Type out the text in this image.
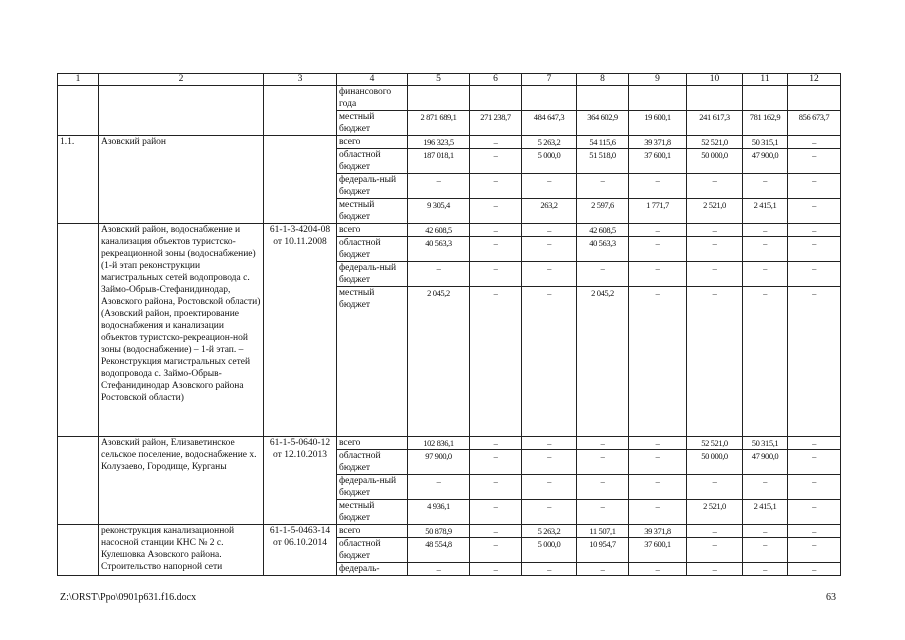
1	2	3	4	5	6	7	8	9	10	11	12
			финансового года								
			местный бюджет	2 871 689,1	271 238,7	484 647,3	364 602,9	19 600,1	241 617,3	781 162,9	856 673,7
1.1.	Азовский район		всего	196 323,5	–	5 263,2	54 115,6	39 371,8	52 521,0	50 315,1	–
			областной бюджет	187 018,1	–	5 000,0	51 518,0	37 600,1	50 000,0	47 900,0	–
			федераль-ный бюджет	–	–	–	–	–	–	–	–
			местный бюджет	9 305,4	–	263,2	2 597,6	1 771,7	2 521,0	2 415,1	–
	Азовский район, водоснабжение и канализация объектов туристско-рекреационной зоны (водоснабжение) (1-й этап реконструкции магистральных сетей водопровода с. Займо-Обрыв-Стефанидинодар, Азовского района, Ростовской области) (Азовский район, проектирование водоснабжения и канализации объектов туристско-рекреацион-ной зоны (водоснабжение) – 1-й этап. – Реконструкция магистральных сетей водопровода с. Займо-Обрыв-Стефанидинодар Азовского района Ростовской области)	61-1-3-4204-08 от 10.11.2008	всего	42 608,5	–	–	42 608,5	–	–	–	–
			областной бюджет	40 563,3	–	–	40 563,3	–	–	–	–
			федераль-ный бюджет	–	–	–	–	–	–	–	–
			местный бюджет	2 045,2	–	–	2 045,2	–	–	–	–
	Азовский район, Елизаветинское сельское поселение, водоснабжение х. Колузаево, Городище, Курганы	61-1-5-0640-12 от 12.10.2013	всего	102 836,1	–	–	–	–	52 521,0	50 315,1	–
			областной бюджет	97 900,0	–	–	–	–	50 000,0	47 900,0	–
			федераль-ный бюджет	–	–	–	–	–	–	–	–
			местный бюджет	4 936,1	–	–	–	–	2 521,0	2 415,1	–
	реконструкция канализационной насосной станции КНС № 2 с. Кулешовка Азовского района. Строительство напорной сети	61-1-5-0463-14 от 06.10.2014	всего	50 878,9	–	5 263,2	11 507,1	39 371,8	–	–	–
			областной бюджет	48 554,8	–	5 000,0	10 954,7	37 600,1	–	–	–
			федераль-	–	–	–	–	–	–	–	–
Z:\ORST\Ppo\0901p631.f16.docx	63
